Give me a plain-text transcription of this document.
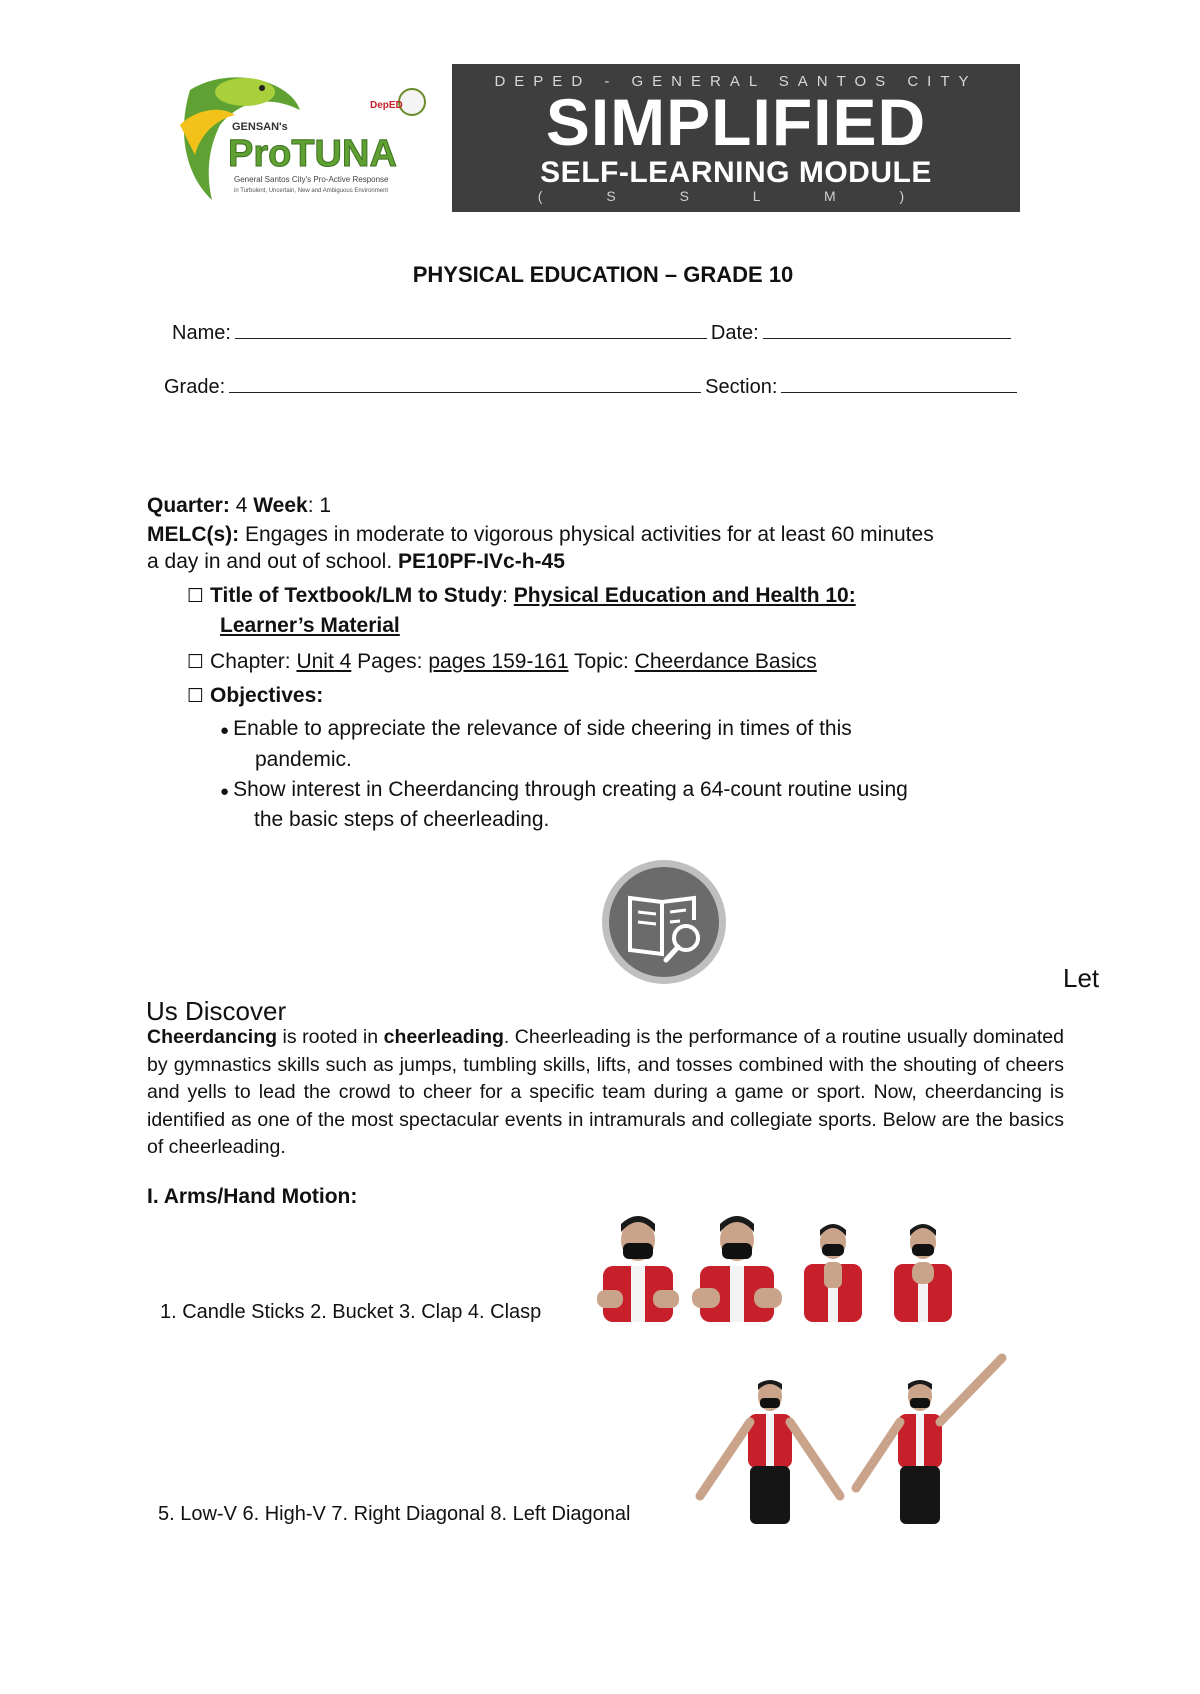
GENSAN's
ProTUNA
General Santos City's Pro-Active Response
in Turbulent, Uncertain, New and Ambiguous Environment
DepED
DEPED - GENERAL SANTOS CITY
SIMPLIFIED
SELF-LEARNING MODULE
( S S L M )
PHYSICAL EDUCATION – GRADE 10
Name:	Date:
Grade:	Section:
Quarter: 4 Week: 1
MELC(s): Engages in moderate to vigorous physical activities for at least 60 minutes
a day in and out of school. PE10PF-IVc-h-45
☐ Title of Textbook/LM to Study: Physical Education and Health 10:
Learner’s Material
☐ Chapter: Unit 4 Pages: pages 159-161 Topic: Cheerdance Basics
☐ Objectives:
● Enable to appreciate the relevance of side cheering in times of this
pandemic.
● Show interest in Cheerdancing through creating a 64-count routine using
the basic steps of cheerleading.
Let
Us Discover
Cheerdancing is rooted in cheerleading. Cheerleading is the performance of a routine usually dominated by gymnastics skills such as jumps, tumbling skills, lifts, and tosses combined with the shouting of cheers and yells to lead the crowd to cheer for a specific team during a game or sport. Now, cheerdancing is identified as one of the most spectacular events in intramurals and collegiate sports. Below are the basics of cheerleading.
I. Arms/Hand Motion:
1. Candle Sticks 2. Bucket 3. Clap 4. Clasp
5. Low-V 6. High-V 7. Right Diagonal 8. Left Diagonal
